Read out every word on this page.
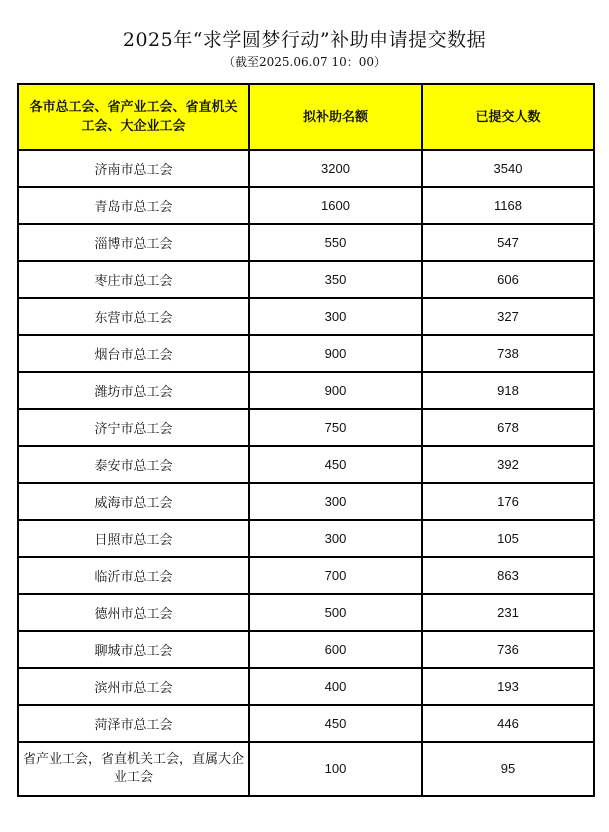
2025年“求学圆梦行动”补助申请提交数据
（截至2025.06.07 10：00）
各市总工会、省产业工会、省直机关工会、大企业工会	拟补助名额	已提交人数
济南市总工会	3200	3540
青岛市总工会	1600	1168
淄博市总工会	550	547
枣庄市总工会	350	606
东营市总工会	300	327
烟台市总工会	900	738
潍坊市总工会	900	918
济宁市总工会	750	678
泰安市总工会	450	392
威海市总工会	300	176
日照市总工会	300	105
临沂市总工会	700	863
德州市总工会	500	231
聊城市总工会	600	736
滨州市总工会	400	193
菏泽市总工会	450	446
省产业工会，省直机关工会，直属大企业工会	100	95
